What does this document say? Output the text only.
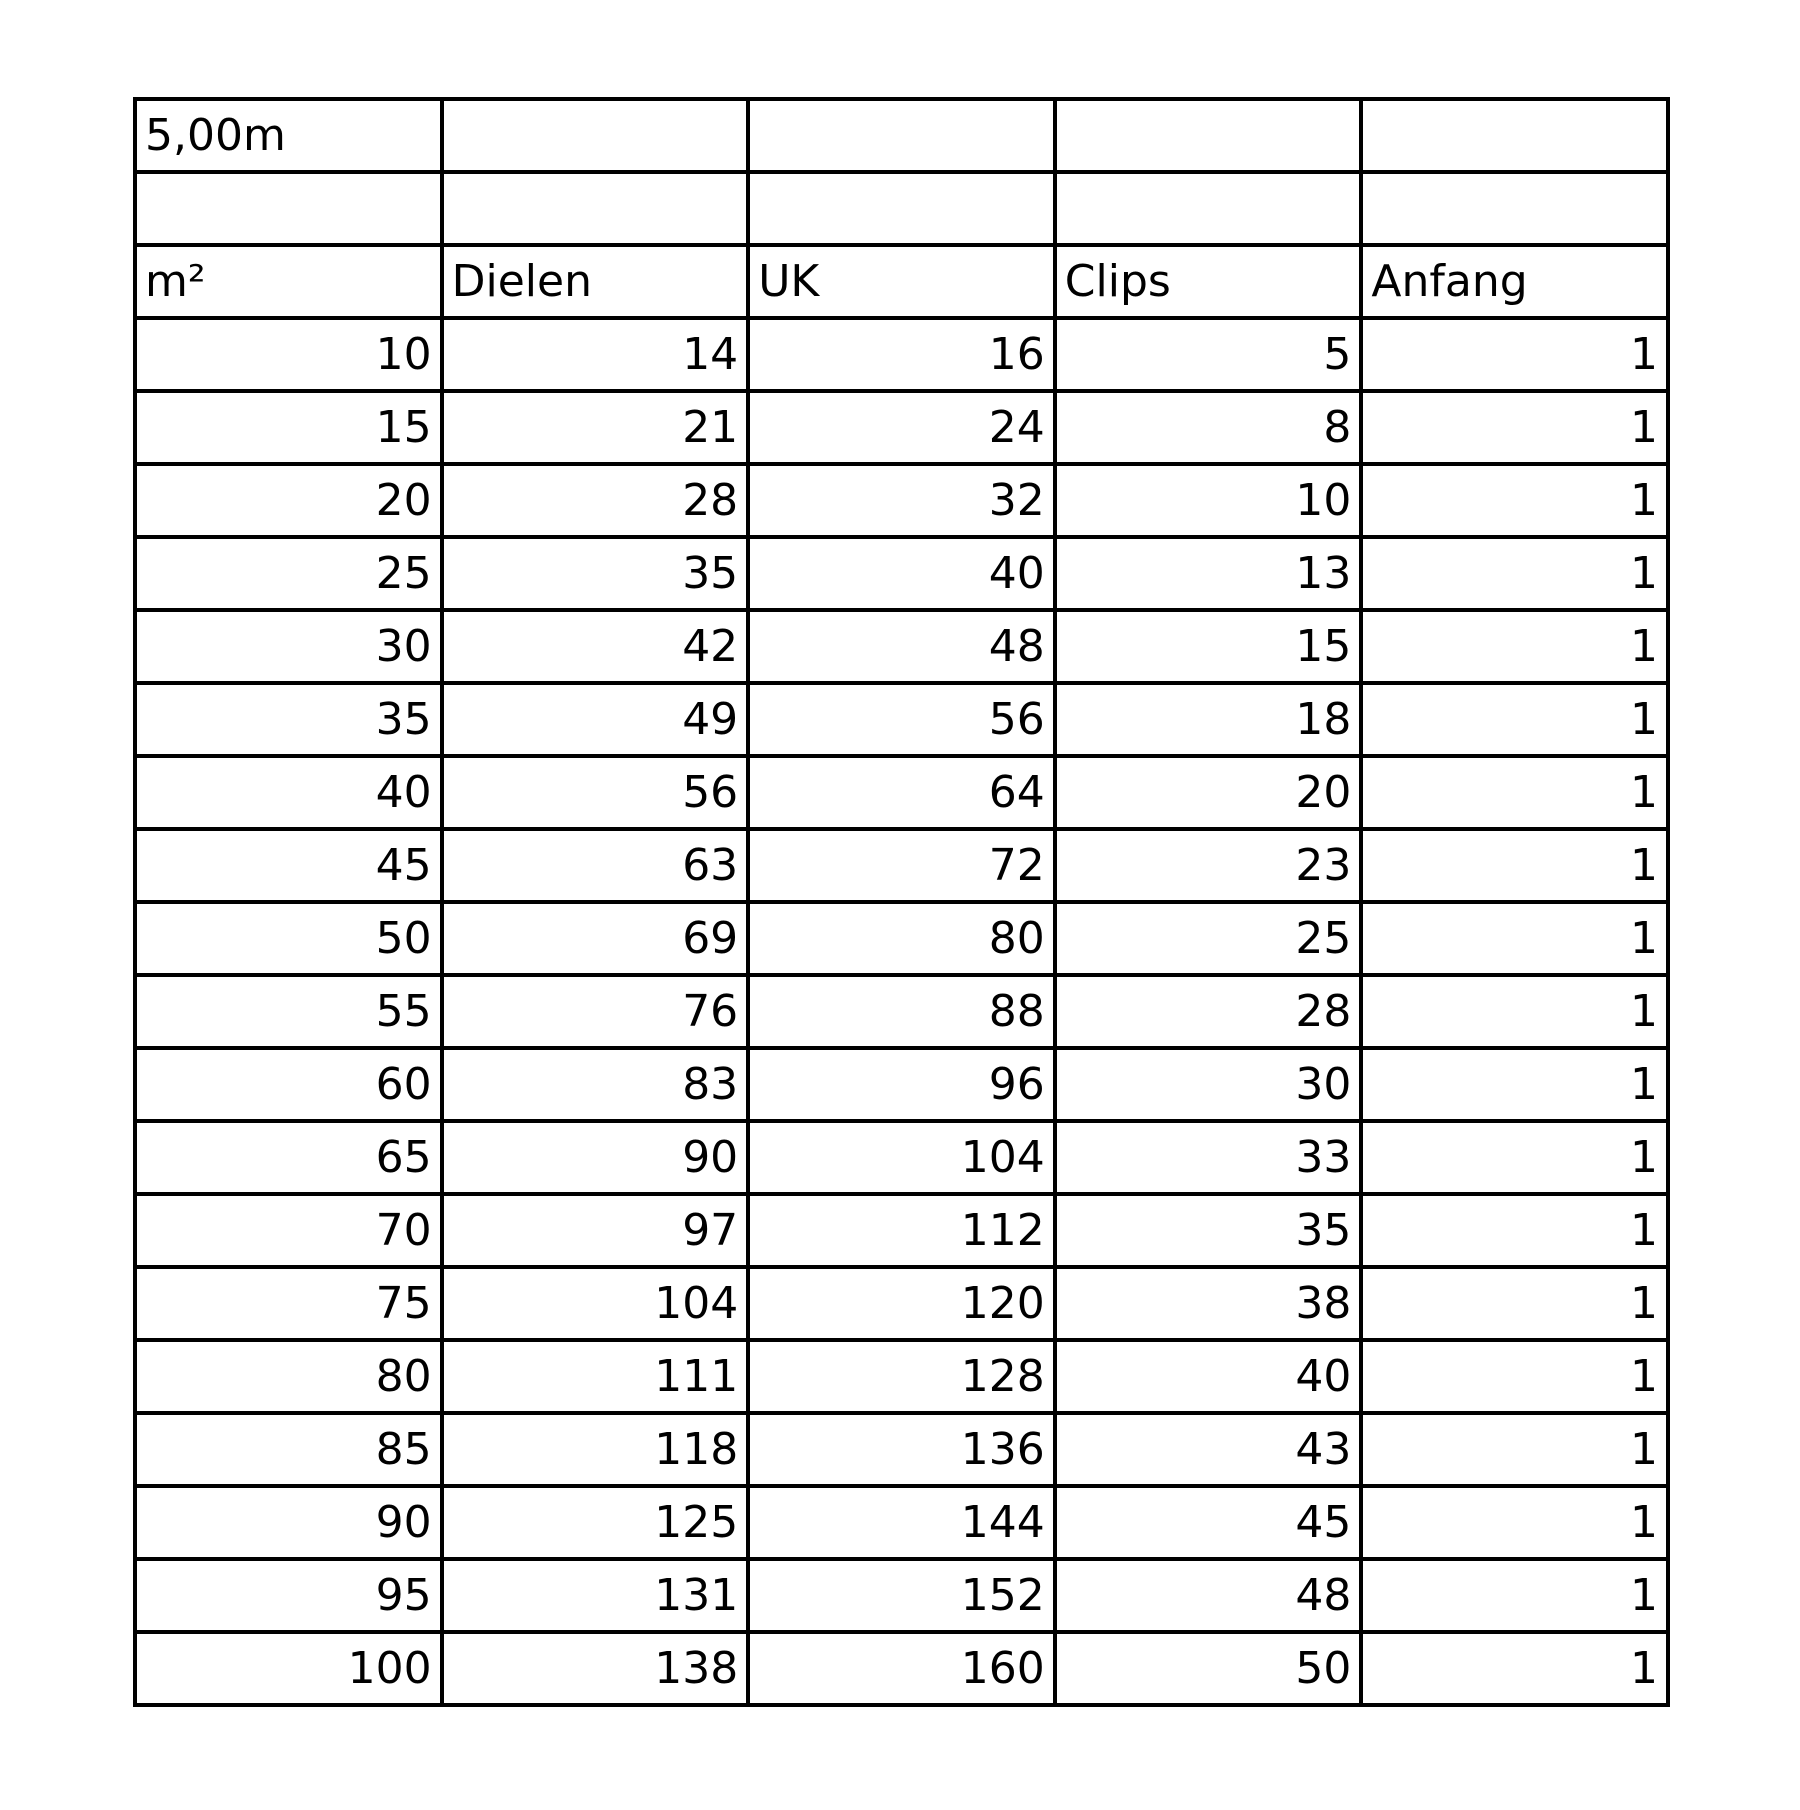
5,00m				

m²	Dielen	UK	Clips	Anfang
10	14	16	5	1
15	21	24	8	1
20	28	32	10	1
25	35	40	13	1
30	42	48	15	1
35	49	56	18	1
40	56	64	20	1
45	63	72	23	1
50	69	80	25	1
55	76	88	28	1
60	83	96	30	1
65	90	104	33	1
70	97	112	35	1
75	104	120	38	1
80	111	128	40	1
85	118	136	43	1
90	125	144	45	1
95	131	152	48	1
100	138	160	50	1
